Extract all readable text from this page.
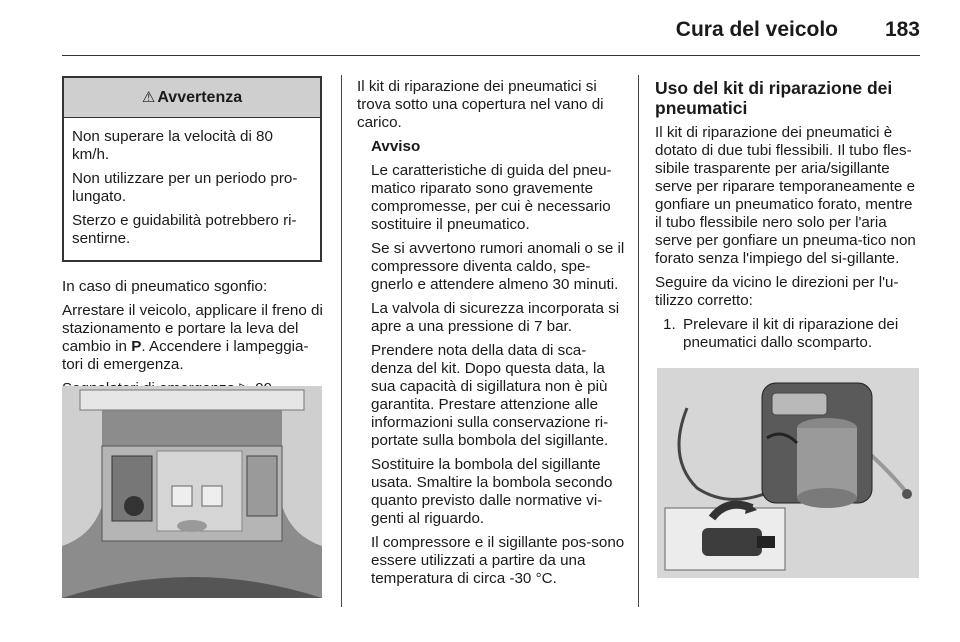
Cura del veicolo 183
⚠ Avvertenza

Non superare la velocità di 80 km/h.

Non utilizzare per un periodo pro-lungato.

Sterzo e guidabilità potrebbero ri-sentirne.

In caso di pneumatico sgonfio:

Arrestare il veicolo, applicare il freno di stazionamento e portare la leva del cambio in P. Accendere i lampeggia-tori di emergenza.

Il kit di riparazione dei pneumatici si trova sotto una copertura nel vano di carico.

Avviso

Le caratteristiche di guida del pneu-matico riparato sono gravemente compromesse, per cui è necessario sostituire il pneumatico.

Se si avvertono rumori anomali o se il compressore diventa caldo, spe-gnerlo e attendere almeno 30 minuti.

La valvola di sicurezza incorporata si apre a una pressione di 7 bar.

Prendere nota della data di sca-denza del kit. Dopo questa data, la sua capacità di sigillatura non è più garantita. Prestare attenzione alle informazioni sulla conservazione ri-portate sulla bombola del sigillante.

Sostituire la bombola del sigillante usata. Smaltire la bombola secondo quanto previsto dalle normative vi-genti al riguardo.

Il compressore e il sigillante pos-sono essere utilizzati a partire da una temperatura di circa -30 °C.

Uso del kit di riparazione dei pneumatici

Il kit di riparazione dei pneumatici è dotato di due tubi flessibili. Il tubo fles-sibile trasparente per aria/sigillante serve per riparare temporaneamente e gonfiare un pneumatico forato, mentre il tubo flessibile nero solo per l'aria serve per gonfiare un pneuma-tico non forato senza l'impiego del si-gillante.

Seguire da vicino le direzioni per l'u-tilizzo corretto:

1. Prelevare il kit di riparazione dei pneumatici dallo scomparto.
